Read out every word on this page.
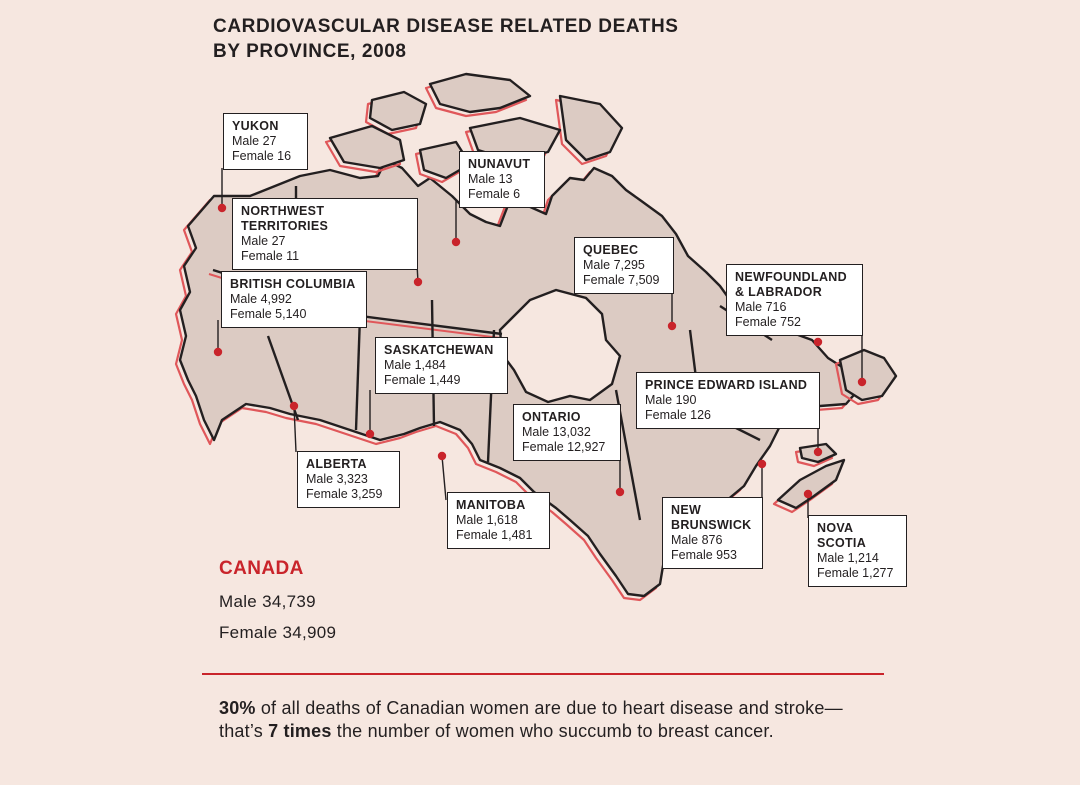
CARDIOVASCULAR DISEASE RELATED DEATHS
BY PROVINCE, 2008
YUKON
Male 27
Female 16
NUNAVUT
Male 13
Female 6
NORTHWEST TERRITORIES
Male 27
Female 11	QUEBEC
Male 7,295
Female 7,509	NEWFOUNDLAND
& LABRADOR
Male 716
Female 752
BRITISH COLUMBIA
Male 4,992
Female 5,140
SASKATCHEWAN
Male 1,484
Female 1,449	PRINCE EDWARD ISLAND
Male 190
Female 126
ONTARIO
Male 13,032
Female 12,927
ALBERTA
Male 3,323
Female 3,259
MANITOBA
Male 1,618
Female 1,481
NEW
BRUNSWICK
Male 876
Female 953
NOVA
SCOTIA
Male 1,214
Female 1,277
CANADA
Male 34,739
Female 34,909
30% of all deaths of Canadian women are due to heart disease and stroke—that’s 7 times the number of women who succumb to breast cancer.
